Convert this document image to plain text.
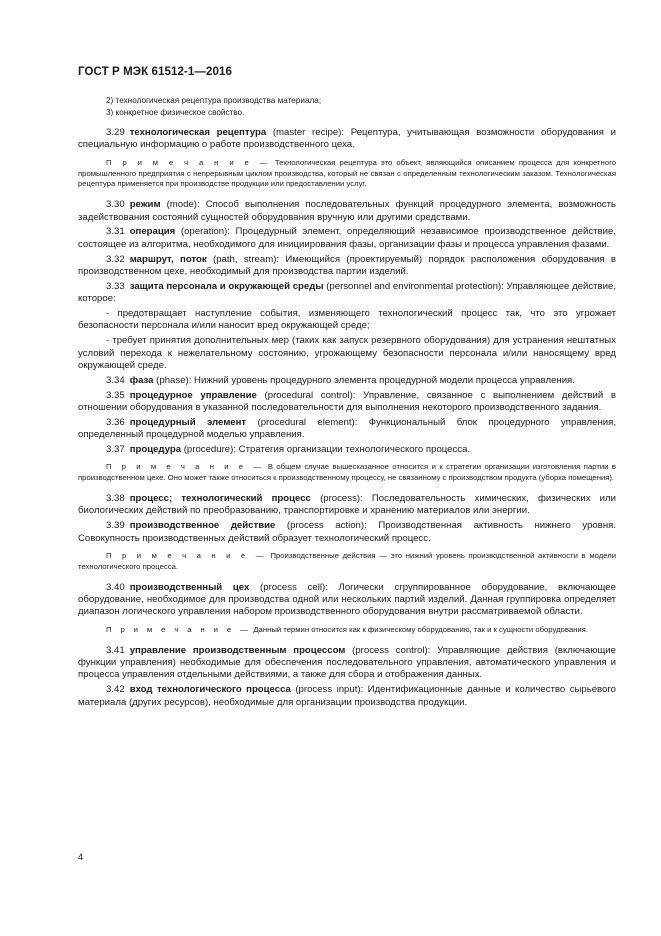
ГОСТ Р МЭК 61512-1—2016

2) технологическая рецептура производства материала;

3) конкретное физическое свойство.

3.29 технологическая рецептура (master recipe): Рецептура, учитывающая возможности оборудования и специальную информацию о работе производственного цеха.

П р и м е ч а н и е — Технологическая рецептура это объект, являющийся описанием процесса для конкретного промышленного предприятия с непрерывным циклом производства, который не связан с определенным технологическим заказом. Технологическая рецептура применяется при производстве продукции или предоставлении услуг.

3.30 режим (mode): Способ выполнения последовательных функций процедурного элемента, возможность задействования состояний сущностей оборудования вручную или другими средствами.

3.31 операция (operation): Процедурный элемент, определяющий независимое производственное действие, состоящее из алгоритма, необходимого для инициирования фазы, организации фазы и процесса управления фазами.

3.32 маршрут, поток (path, stream): Имеющийся (проектируемый) порядок расположения оборудования в производственном цехе, необходимый для производства партии изделий.

3.33 защита персонала и окружающей среды (personnel and environmental protection): Управляющее действие, которое:

- предотвращает наступление события, изменяющего технологический процесс так, что это угрожает безопасности персонала и/или наносит вред окружающей среде;

- требует принятия дополнительных мер (таких как запуск резервного оборудования) для устранения нештатных условий перехода к нежелательному состоянию, угрожающему безопасности персонала и/или наносящему вред окружающей среде.

3.34 фаза (phase): Нижний уровень процедурного элемента процедурной модели процесса управления.

3.35 процедурное управление (procedural control): Управление, связанное с выполнением действий в отношении оборудования в указанной последовательности для выполнения некоторого производственного задания.

3.36 процедурный элемент (procedural element): Функциональный блок процедурного управления, определенный процедурной моделью управления.

3.37 процедура (procedure): Стратегия организации технологического процесса.

П р и м е ч а н и е — В общем случае вышесказанное относится и к стратегии организации изготовления партии в производственном цехе. Оно может также относиться к производственному процессу, не связанному с производством продукта (уборка помещения).

3.38 процесс; технологический процесс (process): Последовательность химических, физических или биологических действий по преобразованию, транспортировке и хранению материалов или энергии.

3.39 производственное действие (process action): Производственная активность нижнего уровня. Совокупность производственных действий образует технологический процесс.

П р и м е ч а н и е — Производственные действия — это нижний уровень производственной активности в модели технологического процесса.

3.40 производственный цех (process cell): Логически сгруппированное оборудование, включающее оборудование, необходимое для производства одной или нескольких партий изделий. Данная группировка определяет диапазон логического управления набором производственного оборудования внутри рассматриваемой области.

П р и м е ч а н и е — Данный термин относится как к физическому оборудованию, так и к сущности оборудования.

3.41 управление производственным процессом (process control): Управляющие действия (включающие функции управления) необходимые для обеспечения последовательного управления, автоматического управления и процесса управления отдельными действиями, а также для сбора и отображения данных.

3.42 вход технологического процесса (process input): Идентификационные данные и количество сырьевого материала (других ресурсов), необходимые для организации производства продукции.

4
